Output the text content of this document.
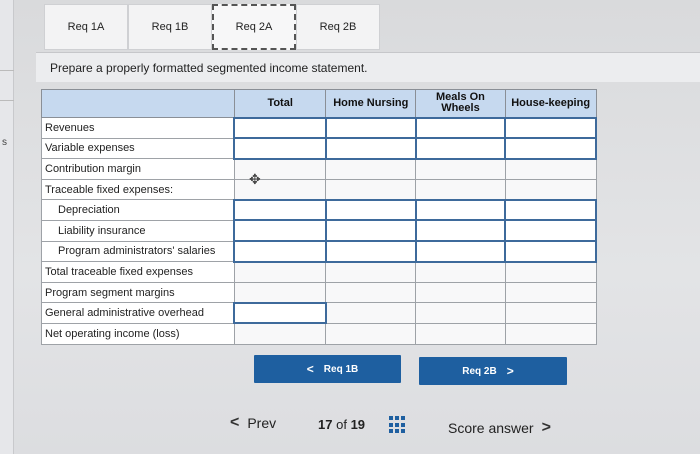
s
Req 1A	Req 1B	Req 2A	Req 2B
Prepare a properly formatted segmented income statement.
	Total	Home Nursing	Meals On Wheels	House-keeping
Revenues				
Variable expenses				
Contribution margin				
Traceable fixed expenses:				
Depreciation				
Liability insurance				
Program administrators' salaries				
Total traceable fixed expenses				
Program segment margins				
General administrative overhead				
Net operating income (loss)				
✥
< Req 1B	Req 2B >
< Prev	17 of 19	Score answer >
